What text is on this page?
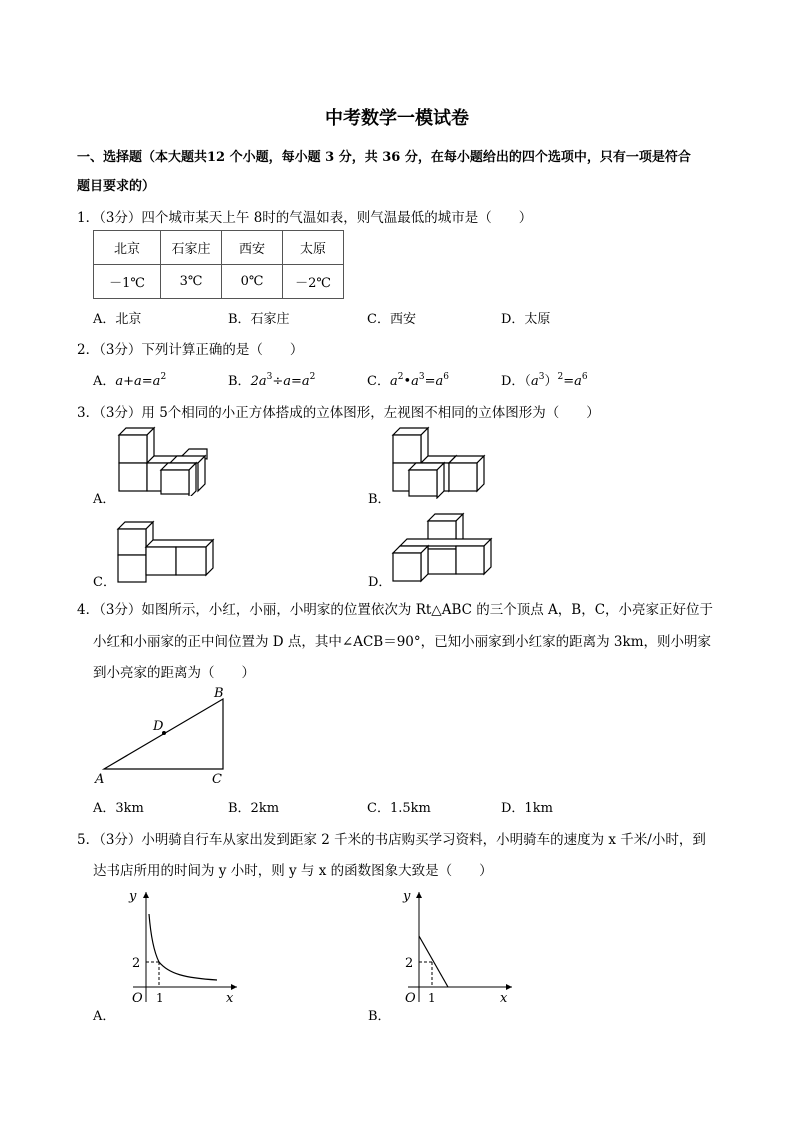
中考数学一模试卷
一、选择题（本大题共12 个小题，每小题 3 分，共 36 分，在每小题给出的四个选项中，只有一项是符合
题目要求的）
1．（3分）四个城市某天上午 8时的气温如表，则气温最低的城市是（　　）
北京	石家庄	西安	太原
－1℃	3℃	0℃	－2℃
A．北京	B．石家庄	C．西安	D．太原
2．（3分）下列计算正确的是（　　）
A．$a+a=a^2$	B．$2a^3\div a=a^2$	C．$a^2•a^3=a^6$	D．$(a^3)^2=a^6$
3．（3分）用 5个相同的小正方体搭成的立体图形，左视图不相同的立体图形为（　　）
A．	B．
C．	D．
4．（3分）如图所示，小红，小丽，小明家的位置依次为 Rt△ABC 的三个顶点 A，B，C，小亮家正好位于
小红和小丽家的正中间位置为 D 点，其中∠ACB＝90°，已知小丽家到小红家的距离为 3km，则小明家
到小亮家的距离为（　　）
A
B
C
D
A．3km	B．2km	C．1.5km	D．1km
5．（3分）小明骑自行车从家出发到距家 2 千米的书店购买学习资料，小明骑车的速度为 x 千米/小时，到
达书店所用的时间为 y 小时，则 y 与 x 的函数图象大致是（　　）
y
x
O
2
1
A．
y
x
O
2
1
B．
